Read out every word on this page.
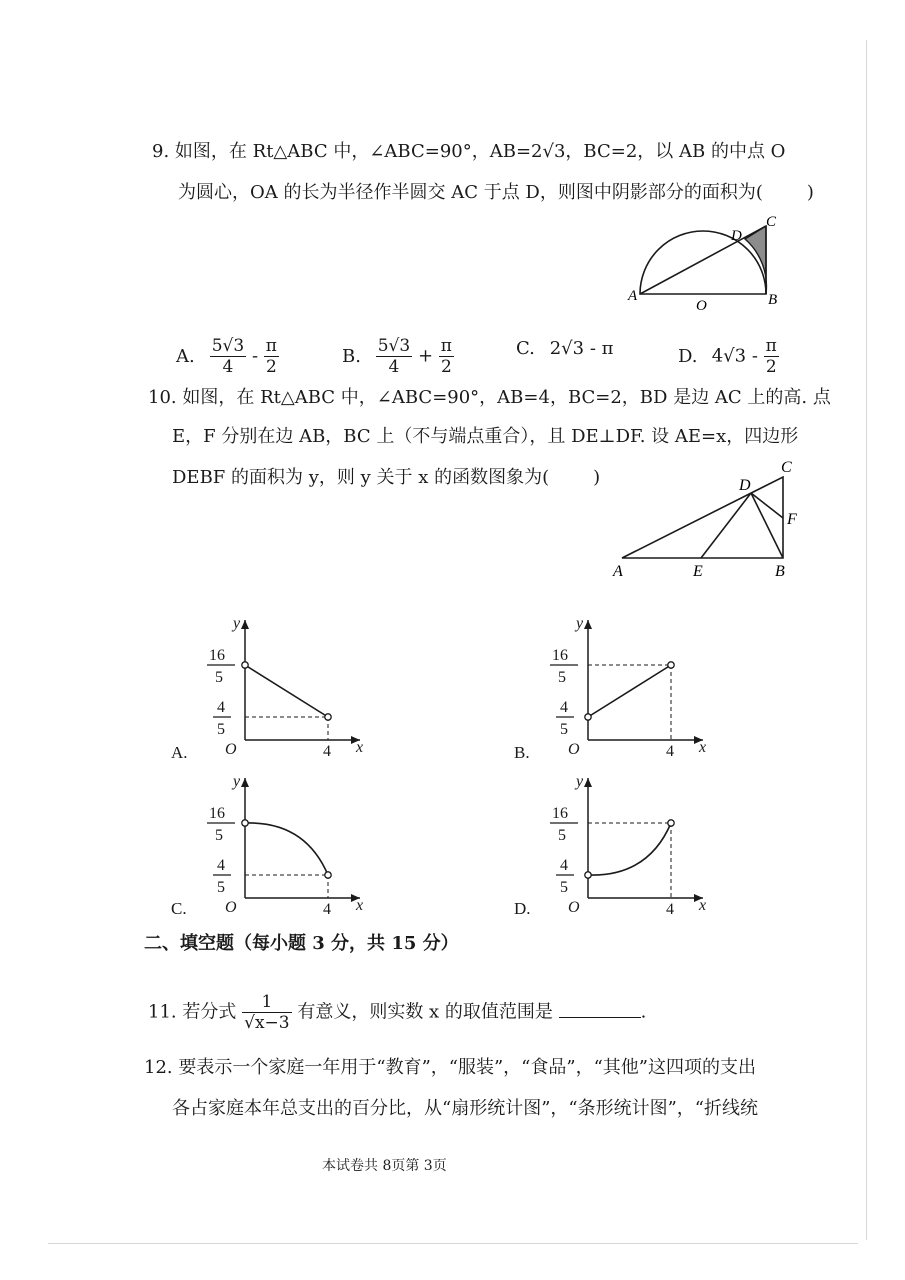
9. 如图，在 Rt△ABC 中，∠ABC=90°，AB=2√3，BC=2，以 AB 的中点 O
为圆心，OA 的长为半径作半圆交 AC 于点 D，则图中阴影部分的面积为( )
A	B
C
D
O
A. $\frac{5√3}{4} - \frac{\pi}{2}$	B. $\frac{5√3}{4} + \frac{\pi}{2}$	C. 2√3 - π	D. $4√3 - \frac{\pi}{2}$
10. 如图，在 Rt△ABC 中，∠ABC=90°，AB=4，BC=2，BD 是边 AC 上的高. 点
E，F 分别在边 AB，BC 上（不与端点重合），且 DE⊥DF. 设 AE=x，四边形
DEBF 的面积为 y，则 y 关于 x 的函数图象为( )
A	E	B
C
D
F
y
x
O	4
16
5
4
5
A.
y
x
O	4
16
5
4
5
B.
y
x
O	4
16
5
4
5
C.
y
x
O	4
16
5
4
5
D.
二、填空题（每小题 3 分，共 15 分）
11. 若分式 $\frac{1}{√x-3}$ 有意义，则实数 x 的取值范围是	.
12. 要表示一个家庭一年用于“教育”，“服装”，“食品”，“其他”这四项的支出
各占家庭本年总支出的百分比，从“扇形统计图”，“条形统计图”，“折线统
本试卷共 8页第 3页
